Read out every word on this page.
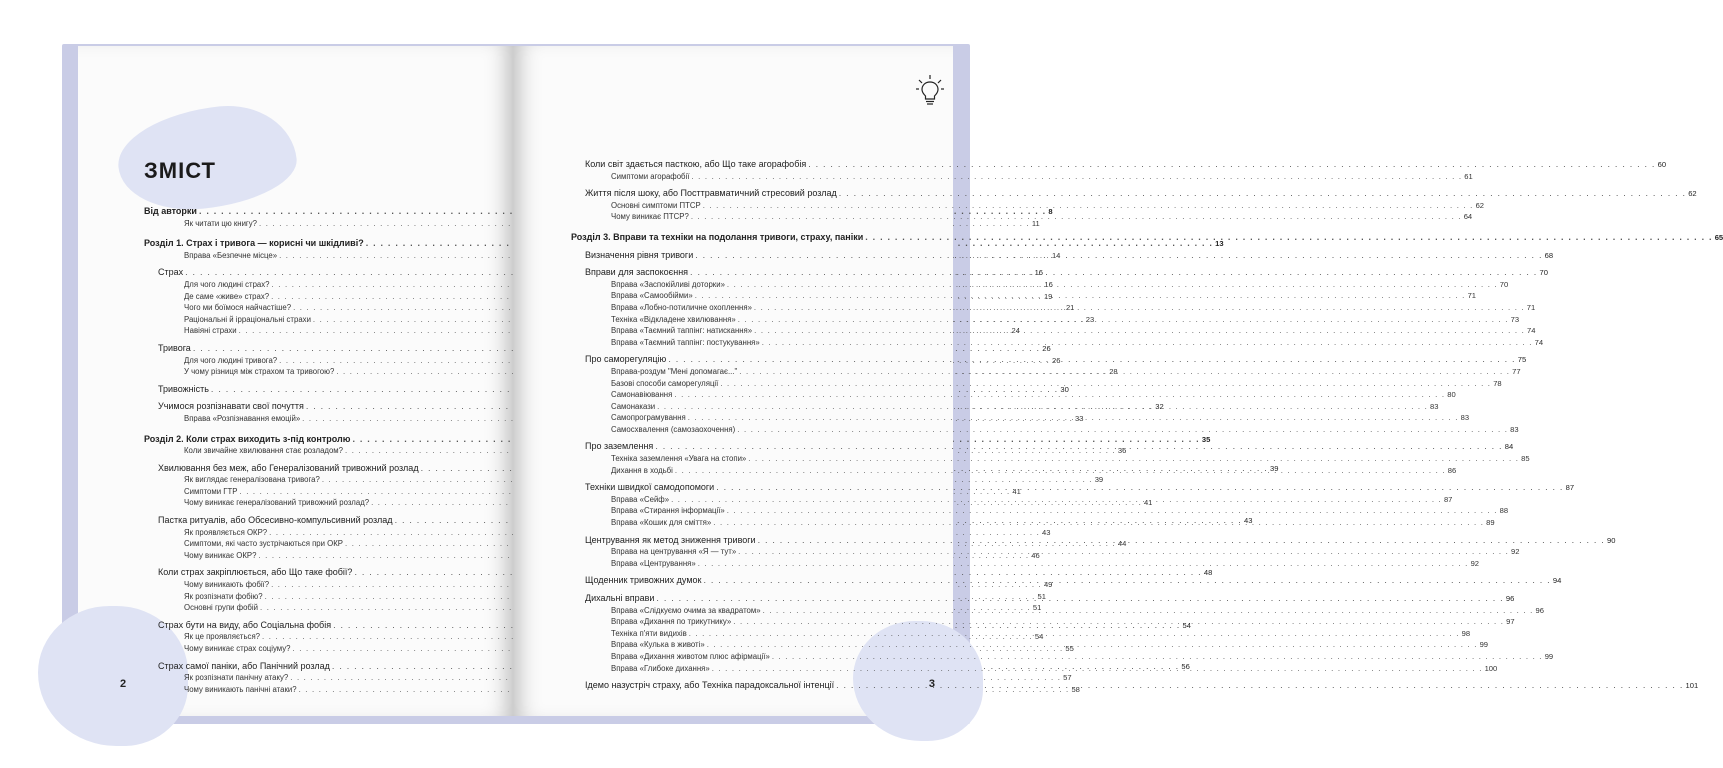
ЗМІСТ
Від авторки . . .	8
Як читати цю книгу? . . .	11
Розділ 1. Страх і тривога — корисні чи шкідливі? . . .	13
Вправа «Безпечне місце» . . .	14
Страх . . .	16
Для чого людині страх? . . .	16
Де саме «живе» страх? . . .	19
Чого ми боїмося найчастіше? . . .	21
Раціональні й ірраціональні страхи . . .	23
Навіяні страхи . . .	24
Тривога . . .	26
Для чого людині тривога? . . .	26
У чому різниця між страхом та тривогою? . . .	28
Тривожність . . .	30
Учимося розпізнавати свої почуття . . .	32
Вправа «Розпізнавання емоцій» . . .	33
Розділ 2. Коли страх виходить з-під контролю . . .	35
Коли звичайне хвилювання стає розладом? . . .	36
Хвилювання без меж, або Генералізований тривожний розлад . . .	39
Як виглядає генералізована тривога? . . .	39
Симптоми ГТР . . .	41
Чому виникає генералізований тривожний розлад? . . .	41
Пастка ритуалів, або Обсесивно-компульсивний розлад . . .	43
Як проявляється ОКР? . . .	43
Симптоми, які часто зустрічаються при ОКР . . .	44
Чому виникає ОКР? . . .	46
Коли страх закріплюється, або Що таке фобії? . . .	48
Чому виникають фобії? . . .	49
Як розпізнати фобію? . . .	51
Основні групи фобій . . .	51
Страх бути на виду, або Соціальна фобія . . .	54
Як це проявляється? . . .	54
Чому виникає страх соціуму? . . .	55
Страх самої паніки, або Панічний розлад . . .	56
Як розпізнати панічну атаку? . . .	57
Чому виникають панічні атаки? . . .	58
2
Коли світ здається пасткою, або Що таке агорафобія . . .	60
Симптоми агорафобії . . .	61
Життя після шоку, або Посттравматичний стресовий розлад . . .	62
Основні симптоми ПТСР . . .	62
Чому виникає ПТСР? . . .	64
Розділ 3. Вправи та техніки на подолання тривоги, страху, паніки . . .	65
Визначення рівня тривоги . . .	68
Вправи для заспокоєння . . .	70
Вправа «Заспокійливі доторки» . . .	70
Вправа «Самообійми» . . .	71
Вправа «Лобно-потиличне охоплення» . . .	71
Техніка «Відкладене хвилювання» . . .	73
Вправа «Таємний таппінг: натискання» . . .	74
Вправа «Таємний таппінг: постукування» . . .	74
Про саморегуляцію . . .	75
Вправа-роздум "Мені допомагає..." . . .	77
Базові способи саморегуляції . . .	78
Самонавіювання . . .	80
Самонакази . . .	83
Самопрограмування . . .	83
Самосхвалення (самозаохочення) . . .	83
Про заземлення . . .	84
Техніка заземлення «Увага на стопи» . . .	85
Дихання в ходьбі . . .	86
Техніки швидкої самодопомоги . . .	87
Вправа «Сейф» . . .	87
Вправа «Стирання інформації» . . .	88
Вправа «Кошик для сміття» . . .	89
Центрування як метод зниження тривоги . . .	90
Вправа на центрування «Я — тут» . . .	92
Вправа «Центрування» . . .	92
Щоденник тривожних думок . . .	94
Дихальні вправи . . .	96
Вправа «Слідкуємо очима за квадратом» . . .	96
Вправа «Дихання по трикутнику» . . .	97
Техніка п'яти видихів . . .	98
Вправа «Кулька в животі» . . .	99
Вправа «Дихання животом плюс афірмації» . . .	99
Вправа «Глибоке дихання» . . .	100
Ідемо назустріч страху, або Техніка парадоксальної інтенції . . .	101
3
